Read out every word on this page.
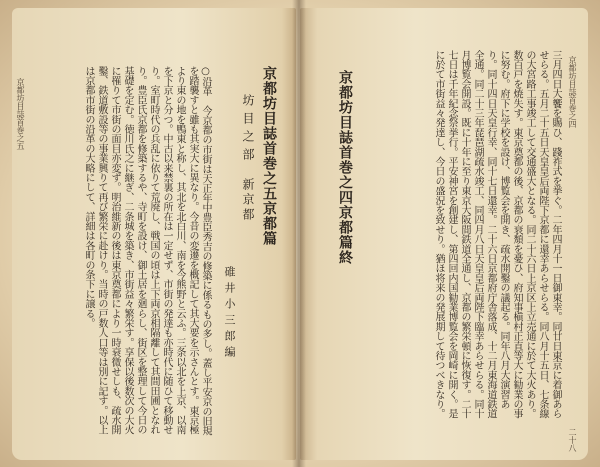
京都坊目誌首巻之五	○沿革　今京都の市街は天正年中豊臣秀吉の修築に係るもの多し。蓋し平安京の旧規を踏襲すと雖も其実大に異なり。今昔の変遷を概記して其大要を示さんとす。東京極より東の地を鴨東と称し、其北を北白川、南を今熊野と云ふ。三条以北を上京、以南を下京と分つ。中古以来禁裏の所在は一定せず、市街の発達も亦時代に随ひて移動せり。室町時代の兵乱に依りて荒廃し、戦国の頃は上下両京相隔離して其間田圃となれり。豊臣氏京都を修築するや、寺町を設け、御土居を廻らし、街区を整理して今日の基礎を定む。徳川氏之に継ぎ、二条城を築き、市街益々繁栄す。享保以後数次の大火に罹りて市街の面目亦変ず。明治維新の後は東京奠都により一時衰微せしも、疏水開鑿、鉄道敷設等の事業興りて再び繁栄に赴けり。当時の戸数人口等は別に記す。以上は京都市街の沿革の大略にして、詳細は各町の条下に譲る。	碓井小三郎編
新京都
坊目之部 京都坊目誌首巻之五京都篇	京都坊目誌首巻之四京都篇終	三月四日大饗を賜ひ、踐祚式を挙ぐ。二年四月十一日御東幸。同廿日東京に着御あらせらる。五月二十五日天皇皇后両陛下京都に還幸あらせらる。同八月十五日、七条線の大宮路工事竣工して交通盛大となる。同二十六日上京区上立売通に於て大火あり。数百戸を焼失す。東京奠都の後、京都の衰頽を憂ひ、府知事槇村正直等大に勧業の事に努む。府下に学校を設け、博覧会を開き、疏水開鑿の議起る。同年八月大演習あり。同十四日天皇行幸、同十七日還幸。二十六日京都府庁舎落成、十二月東海道鉄道全通。同二十三年琵琶湖疏水竣工、同四月八日天皇皇后両陛下臨幸あらせらる。同十月博覧会開設。既に十年に至り東京大阪間鉄道全通し、京都の繁栄頓に恢復す。二十七日は千年紀念祭挙行。平安神宮を創建し、第四回内国勧業博覧会を岡崎に開く。是に於て市街益々発達し、今日の盛況を致せり。猶ほ将来の発展期して待つべきなり。	京都坊目誌首巻之四
二十八
